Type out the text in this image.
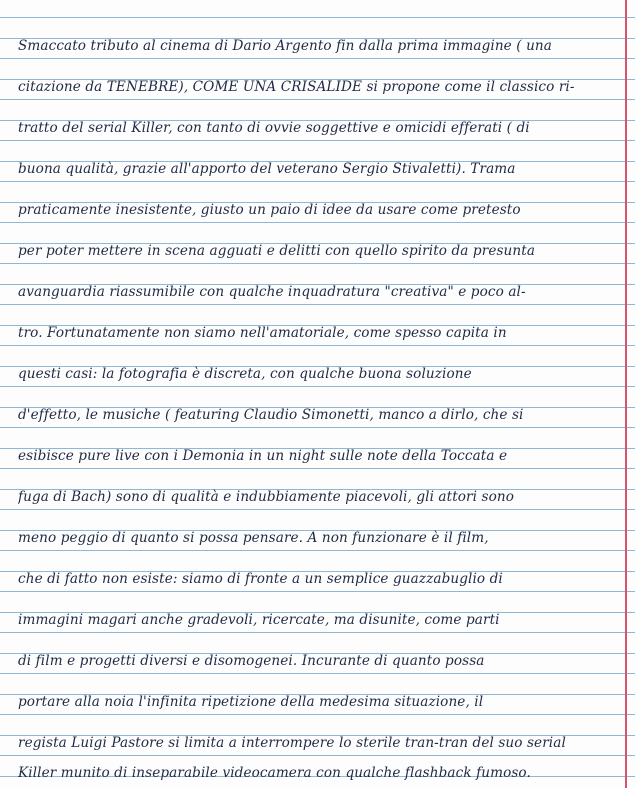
Smaccato tributo al cinema di Dario Argento fin dalla prima immagine ( una
citazione da TENEBRE), COME UNA CRISALIDE si propone come il classico ri-
tratto del serial Killer, con tanto di ovvie soggettive e omicidi efferati ( di
buona qualità, grazie all'apporto del veterano Sergio Stivaletti). Trama
praticamente inesistente, giusto un paio di idee da usare come pretesto
per poter mettere in scena agguati e delitti con quello spirito da presunta
avanguardia riassumibile con qualche inquadratura "creativa" e poco al-
tro. Fortunatamente non siamo nell'amatoriale, come spesso capita in
questi casi: la fotografia è discreta, con qualche buona soluzione
d'effetto, le musiche ( featuring Claudio Simonetti, manco a dirlo, che si
esibisce pure live con i Demonia in un night sulle note della Toccata e
fuga di Bach) sono di qualità e indubbiamente piacevoli, gli attori sono
meno peggio di quanto si possa pensare. A non funzionare è il film,
che di fatto non esiste: siamo di fronte a un semplice guazzabuglio di
immagini magari anche gradevoli, ricercate, ma disunite, come parti
di film e progetti diversi e disomogenei. Incurante di quanto possa
portare alla noia l'infinita ripetizione della medesima situazione, il
regista Luigi Pastore si limita a interrompere lo sterile tran-tran del suo serial
Killer munito di inseparabile videocamera con qualche flashback fumoso.
